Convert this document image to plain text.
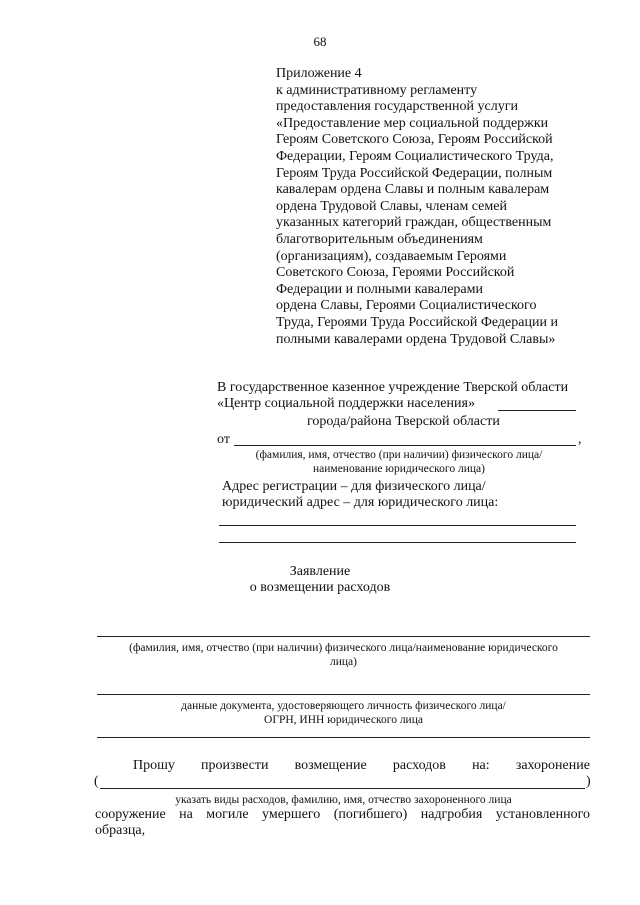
68
Приложение 4
к административному регламенту
предоставления государственной услуги
«Предоставление мер социальной поддержки
Героям Советского Союза, Героям Российской
Федерации, Героям Социалистического Труда,
Героям Труда Российской Федерации, полным
кавалерам ордена Славы и полным кавалерам
ордена Трудовой Славы, членам семей
указанных категорий граждан, общественным
благотворительным объединениям
(организациям), создаваемым Героями
Советского Союза, Героями Российской
Федерации и полными кавалерами
ордена Славы, Героями Социалистического
Труда, Героями Труда Российской Федерации и
полными кавалерами ордена Трудовой Славы»
В государственное казенное учреждение Тверской области
«Центр социальной поддержки населения»
города/района Тверской области
от	,
(фамилия, имя, отчество (при наличии) физического лица/
наименование юридического лица)
Адрес регистрации – для физического лица/
юридический адрес – для юридического лица:
Заявление
о возмещении расходов
(фамилия, имя, отчество (при наличии) физического лица/наименование юридического
лица)
данные документа, удостоверяющего личность физического лица/
ОГРН, ИНН юридического лица
Прошу произвести возмещение расходов на: захоронение
(	)
указать виды расходов, фамилию, имя, отчество захороненного лица
сооружение на могиле умершего (погибшего) надгробия установленного
образца,
